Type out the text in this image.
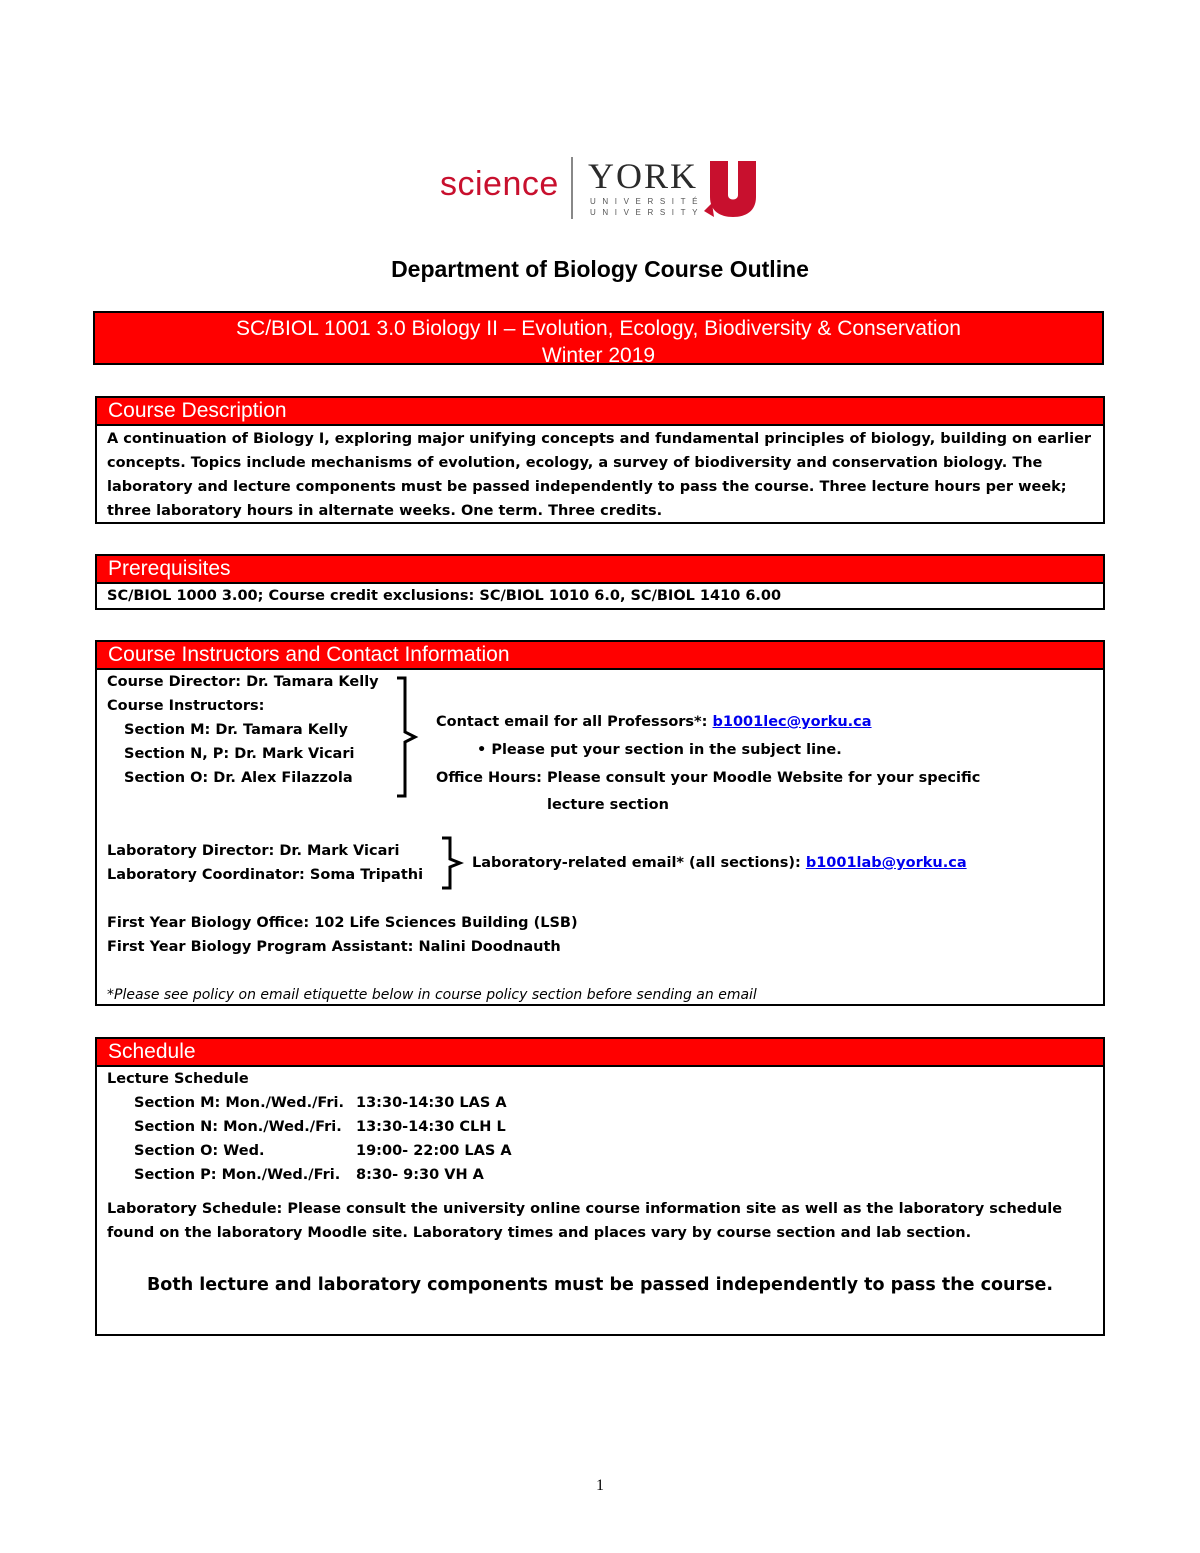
science YORK
UNIVERSITÉ
UNIVERSITY
Department of Biology Course Outline
SC/BIOL 1001 3.0 Biology II – Evolution, Ecology, Biodiversity & Conservation
Winter 2019
Course Description
A continuation of Biology I, exploring major unifying concepts and fundamental principles of biology, building on earlier concepts. Topics include mechanisms of evolution, ecology, a survey of biodiversity and conservation biology. The laboratory and lecture components must be passed independently to pass the course. Three lecture hours per week; three laboratory hours in alternate weeks. One term. Three credits.
Prerequisites
SC/BIOL 1000 3.00; Course credit exclusions: SC/BIOL 1010 6.0, SC/BIOL 1410 6.00
Course Instructors and Contact Information
Course Director: Dr. Tamara Kelly
Course Instructors:
Section M: Dr. Tamara Kelly
Section N, P: Dr. Mark Vicari
Section O: Dr. Alex Filazzola
Contact email for all Professors*: b1001lec@yorku.ca
• Please put your section in the subject line.
Office Hours: Please consult your Moodle Website for your specific
lecture section
Laboratory Director: Dr. Mark Vicari
Laboratory Coordinator: Soma Tripathi
Laboratory-related email* (all sections): b1001lab@yorku.ca
First Year Biology Office: 102 Life Sciences Building (LSB)
First Year Biology Program Assistant: Nalini Doodnauth
*Please see policy on email etiquette below in course policy section before sending an email
Schedule
Lecture Schedule
Section M: Mon./Wed./Fri. 13:30-14:30 LAS A
Section N: Mon./Wed./Fri. 13:30-14:30 CLH L
Section O: Wed.	19:00- 22:00 LAS A
Section P: Mon./Wed./Fri. 8:30- 9:30 VH A
Laboratory Schedule: Please consult the university online course information site as well as the laboratory schedule found on the laboratory Moodle site. Laboratory times and places vary by course section and lab section.
Both lecture and laboratory components must be passed independently to pass the course.
1
